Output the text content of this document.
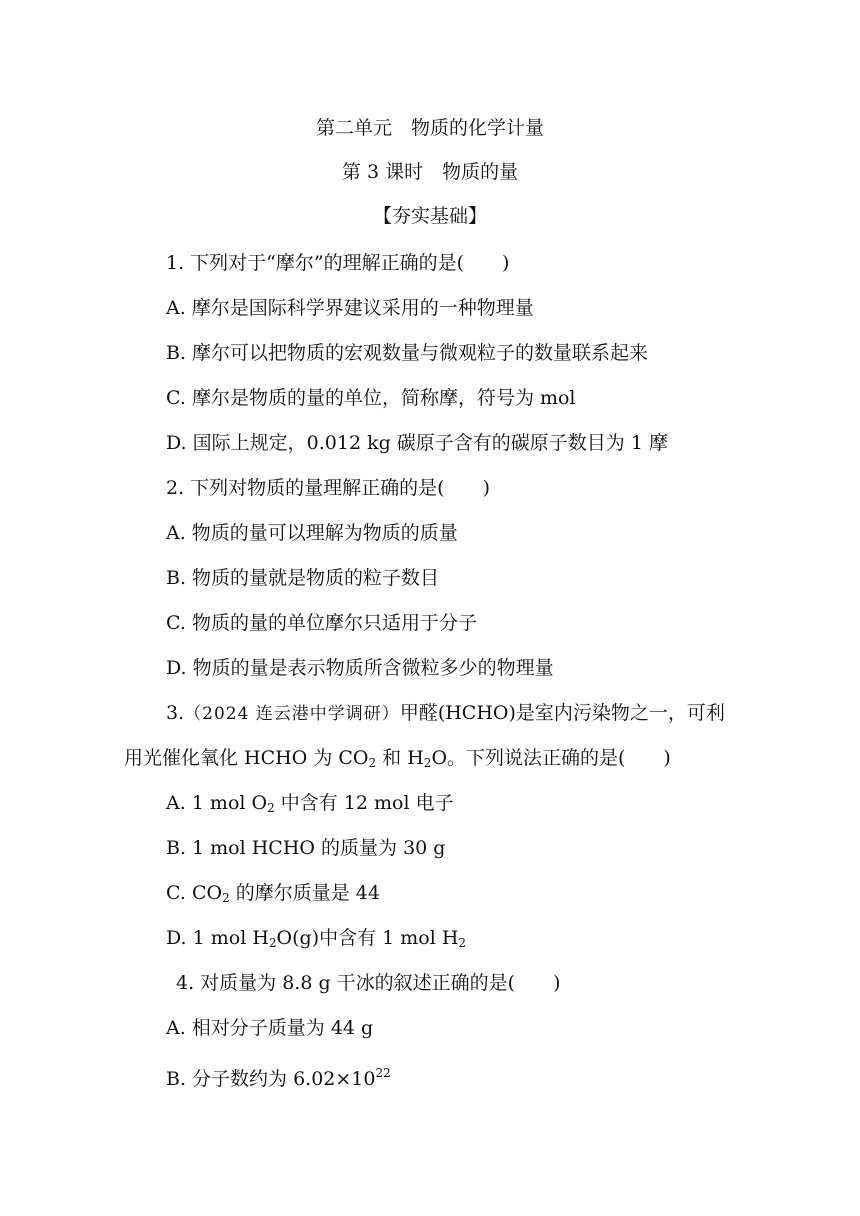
第二单元　物质的化学计量
第 3 课时　物质的量
【夯实基础】
1. 下列对于“摩尔”的理解正确的是(　　)
A. 摩尔是国际科学界建议采用的一种物理量
B. 摩尔可以把物质的宏观数量与微观粒子的数量联系起来
C. 摩尔是物质的量的单位，简称摩，符号为 mol
D. 国际上规定，0.012 kg 碳原子含有的碳原子数目为 1 摩
2. 下列对物质的量理解正确的是(　　)
A. 物质的量可以理解为物质的质量
B. 物质的量就是物质的粒子数目
C. 物质的量的单位摩尔只适用于分子
D. 物质的量是表示物质所含微粒多少的物理量
3.（2024 连云港中学调研）甲醛(HCHO)是室内污染物之一，可利
用光催化氧化 HCHO 为 $CO_2$ 和 $H_2O$。下列说法正确的是(　　)
A. 1 mol $O_2$ 中含有 12 mol 电子
B. 1 mol HCHO 的质量为 30 g
C. $CO_2$ 的摩尔质量是 44
D. 1 mol $H_2O(g)$中含有 1 mol $H_2$
4. 对质量为 8.8 g 干冰的叙述正确的是(　　)
A. 相对分子质量为 44 g
B. 分子数约为 $6.02\times 10^{22}$
